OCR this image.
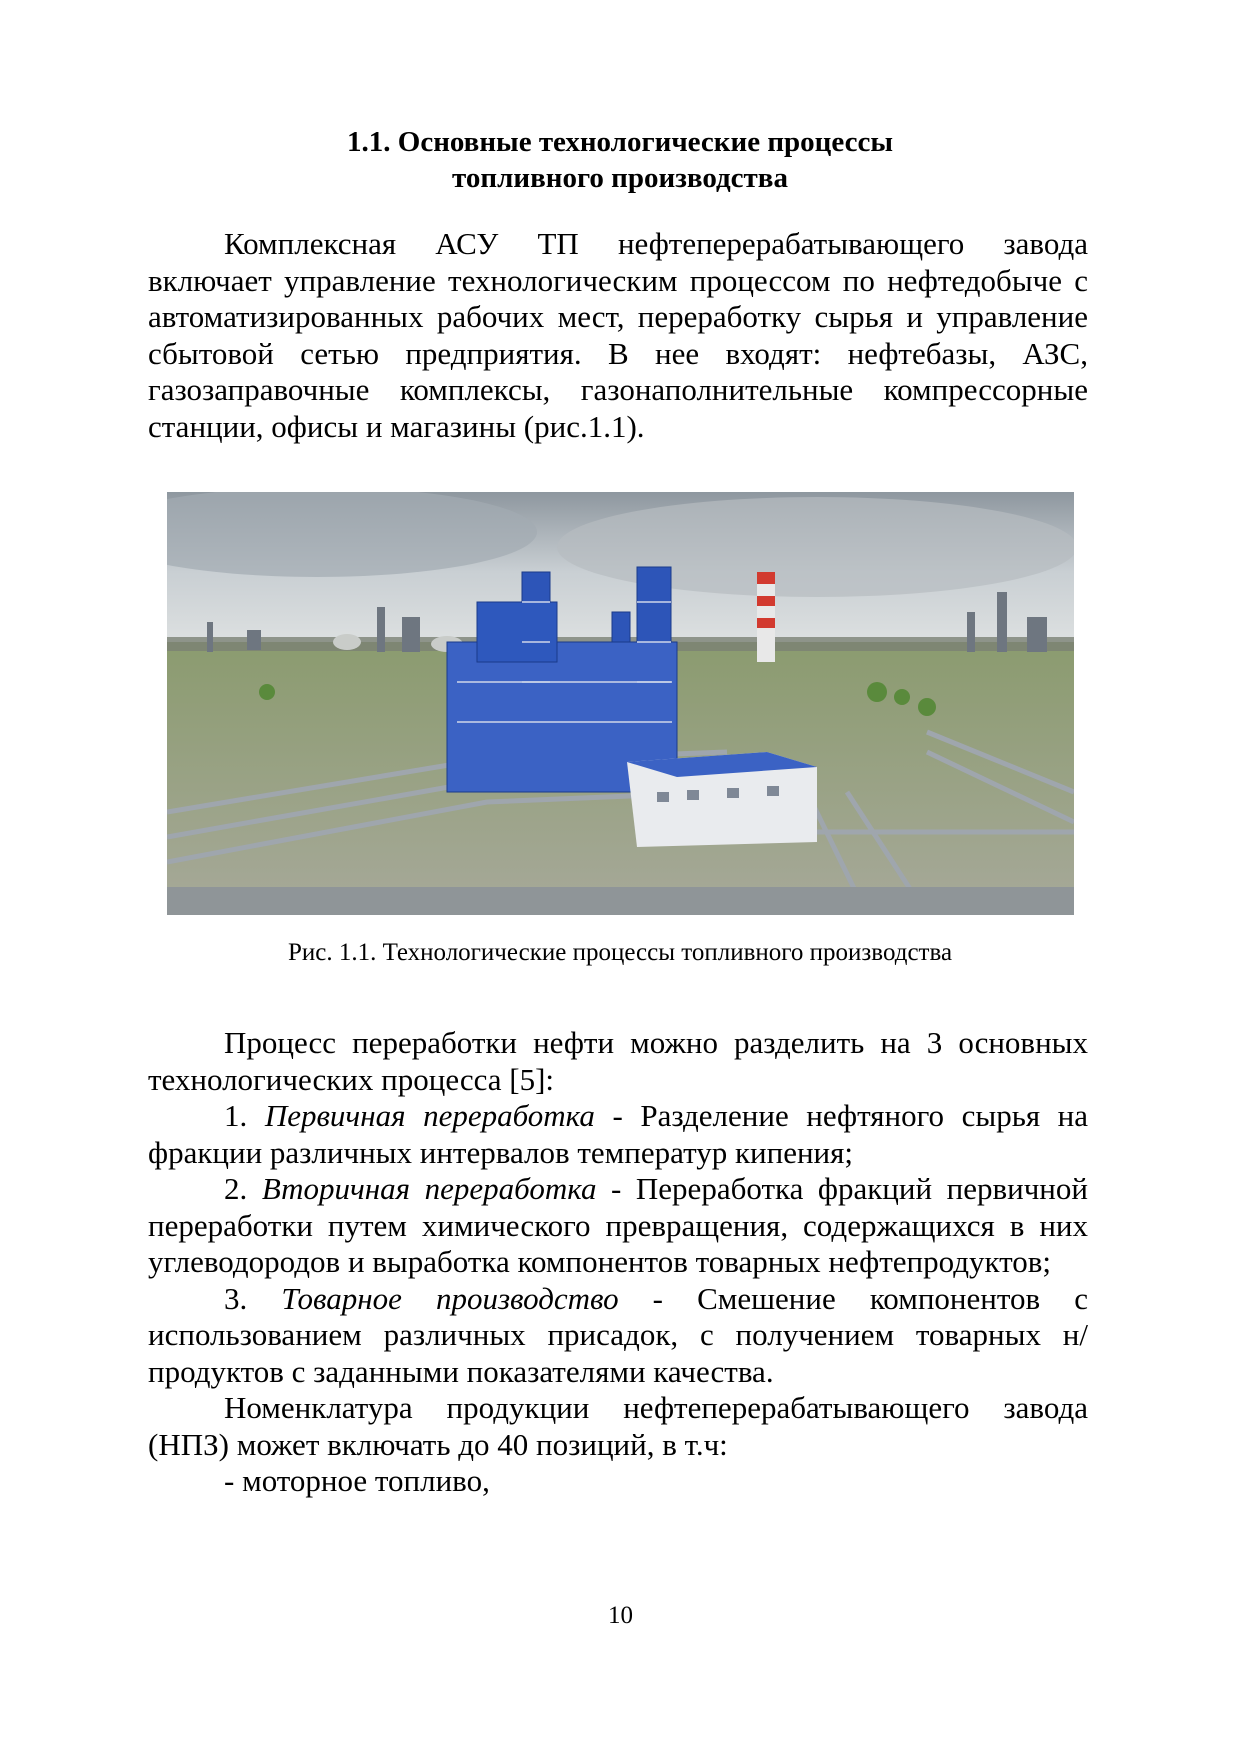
1.1. Основные технологические процессы
топливного производства

Комплексная АСУ ТП нефтеперерабатывающего завода включает управление технологическим процессом по нефтедобыче с автоматизированных рабочих мест, переработку сырья и управление сбытовой сетью предприятия. В нее входят: нефтебазы, АЗС, газозаправочные комплексы, газонаполнительные компрессорные станции, офисы и магазины (рис.1.1).

Рис. 1.1. Технологические процессы топливного производства

Процесс переработки нефти можно разделить на 3 основных технологических процесса [5]:

1. Первичная переработка - Разделение нефтяного сырья на фракции различных интервалов температур кипения;

2. Вторичная переработка - Переработка фракций первичной переработки путем химического превращения, содержащихся в них углеводородов и выработка компонентов товарных нефтепродуктов;

3. Товарное производство - Смешение компонентов с использованием различных присадок, с получением товарных н/продуктов с заданными показателями качества.

Номенклатура продукции нефтеперерабатывающего завода (НПЗ) может включать до 40 позиций, в т.ч:

- моторное топливо,

10
